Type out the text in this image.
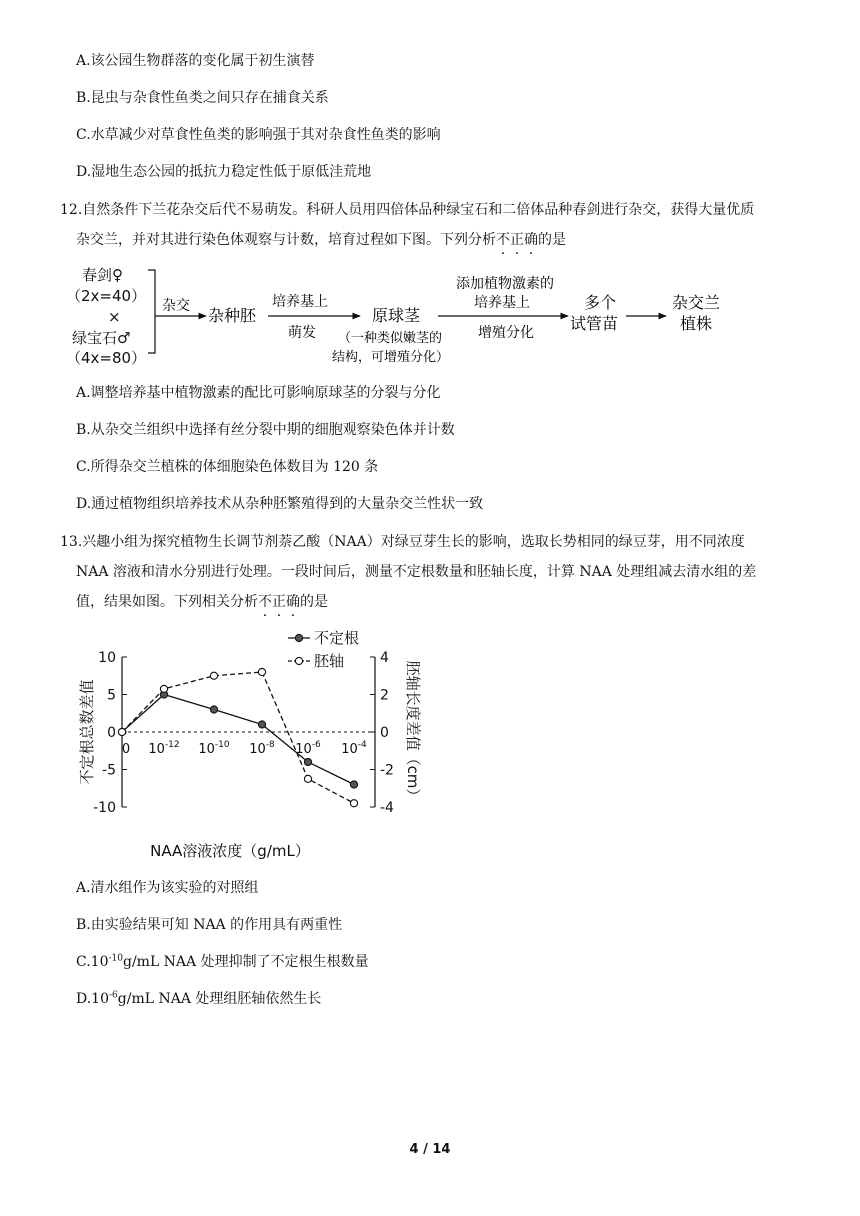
A.该公园生物群落的变化属于初生演替
B.昆虫与杂食性鱼类之间只存在捕食关系
C.水草减少对草食性鱼类的影响强于其对杂食性鱼类的影响
D.湿地生态公园的抵抗力稳定性低于原低洼荒地
12.自然条件下兰花杂交后代不易萌发。科研人员用四倍体品种绿宝石和二倍体品种春剑进行杂交，获得大量优质
杂交兰，并对其进行染色体观察与计数，培育过程如下图。下列分析不正确的是
春剑♀
（2x=40）
×
绿宝石♂
（4x=80）
杂交 杂种胚
培养基上
萌发
原球茎
（一种类似嫩茎的
结构，可增殖分化）
添加植物激素的
培养基上
增殖分化
多个
试管苗
杂交兰
植株
A.调整培养基中植物激素的配比可影响原球茎的分裂与分化
B.从杂交兰组织中选择有丝分裂中期的细胞观察染色体并计数
C.所得杂交兰植株的体细胞染色体数目为 120 条
D.通过植物组织培养技术从杂种胚繁殖得到的大量杂交兰性状一致
13.兴趣小组为探究植物生长调节剂萘乙酸（NAA）对绿豆芽生长的影响，选取长势相同的绿豆芽，用不同浓度
NAA 溶液和清水分别进行处理。一段时间后，测量不定根数量和胚轴长度，计算 NAA 处理组减去清水组的差
值，结果如图。下列相关分析不正确的是
10
5
0
-5
-10
4
2
0
-2
-4
0 $10^{-12}$ $10^{-10}$ $10^{-8}$ $10^{-6}$ $10^{-4}$
不定根总数差值	胚轴长度差值（cm）
NAA溶液浓度（g/mL）
不定根
胚轴
A.清水组作为该实验的对照组
B.由实验结果可知 NAA 的作用具有两重性
$C.10^{-10}g/mL$ NAA 处理抑制了不定根生根数量
$D.10^{-6}g/mL$ NAA 处理组胚轴依然生长
4 / 14
